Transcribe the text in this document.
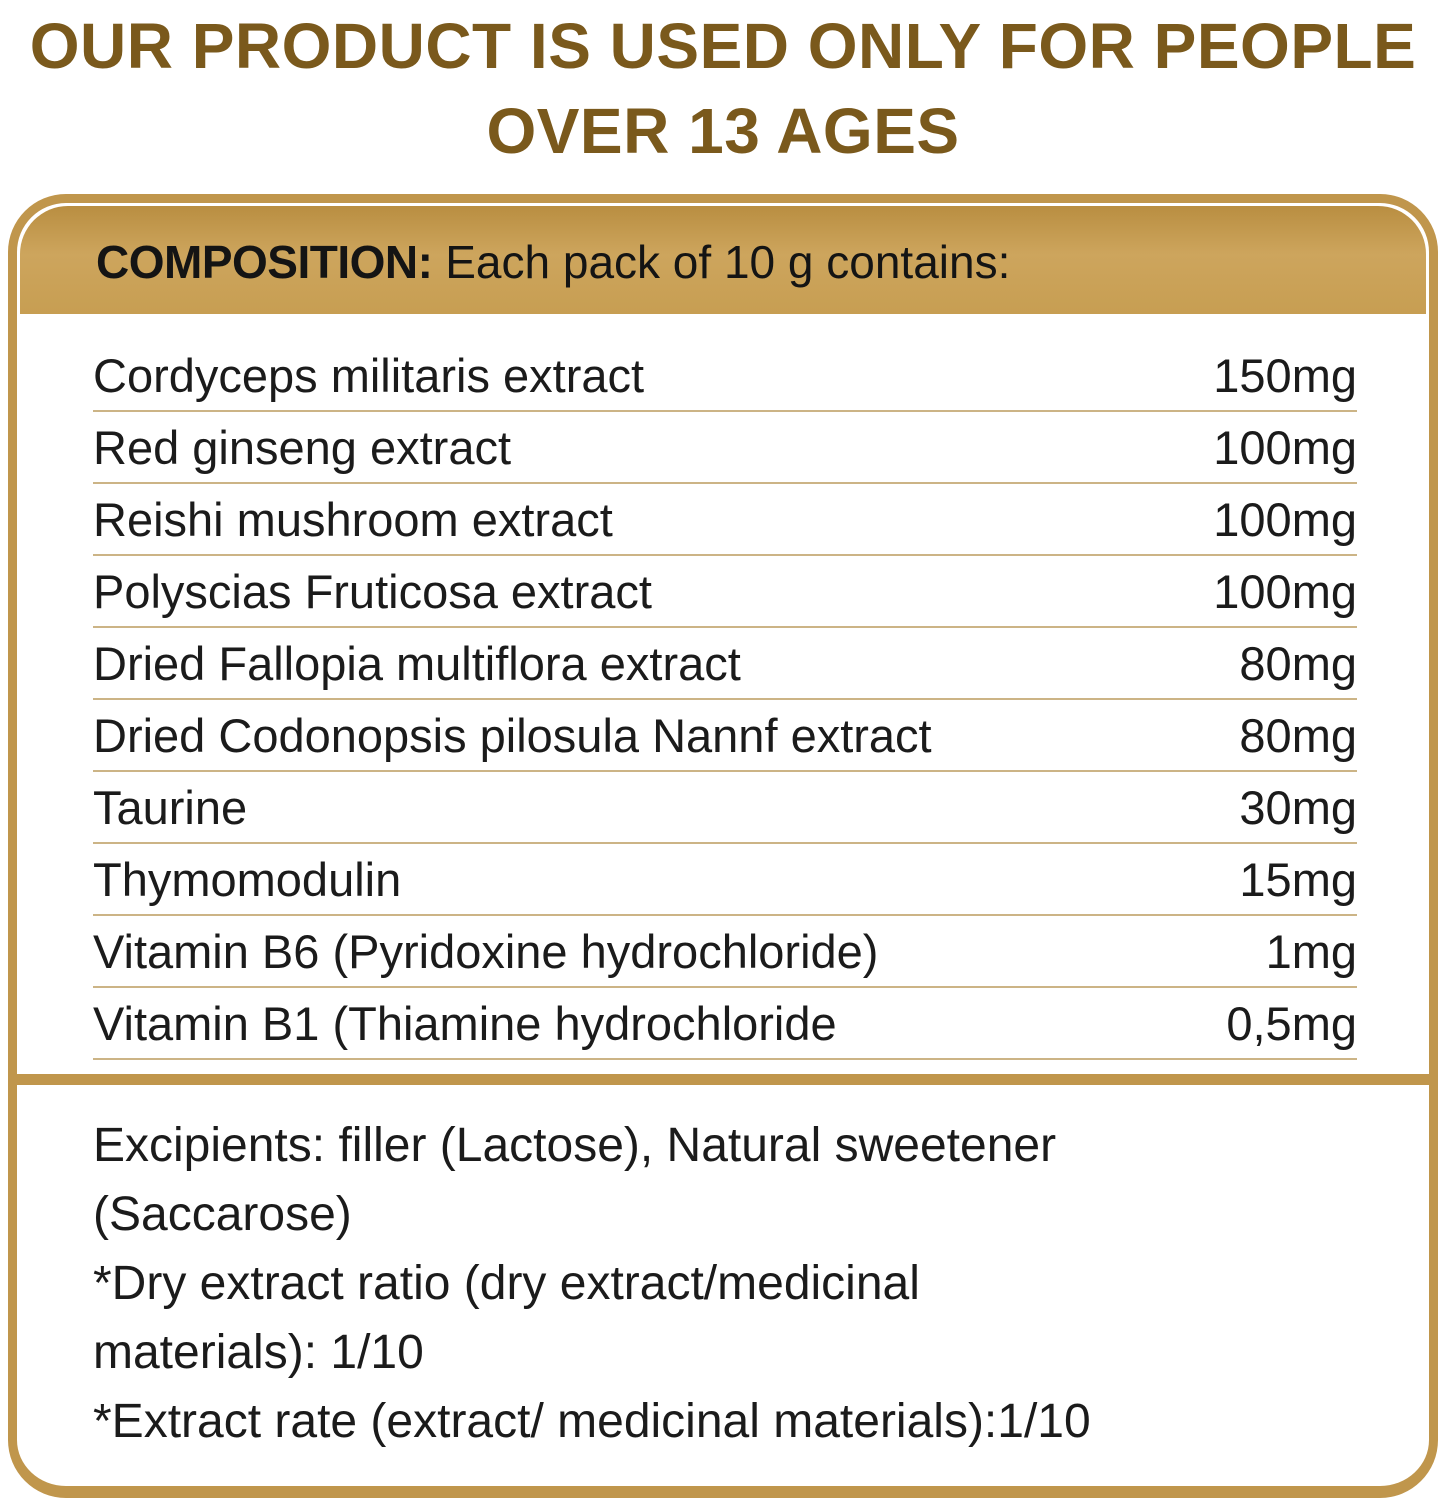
OUR PRODUCT IS USED ONLY FOR PEOPLE
OVER 13 AGES
COMPOSITION: Each pack of 10 g contains:
Cordyceps militaris extract	150mg
Red ginseng extract	100mg
Reishi mushroom extract	100mg
Polyscias Fruticosa extract	100mg
Dried Fallopia multiflora extract	80mg
Dried Codonopsis pilosula Nannf extract	80mg
Taurine	30mg
Thymomodulin	15mg
Vitamin B6 (Pyridoxine hydrochloride)	1mg
Vitamin B1 (Thiamine hydrochloride	0,5mg
Excipients: filler (Lactose), Natural sweetener
(Saccarose)
*Dry extract ratio (dry extract/medicinal
materials): 1/10
*Extract rate (extract/ medicinal materials):1/10
